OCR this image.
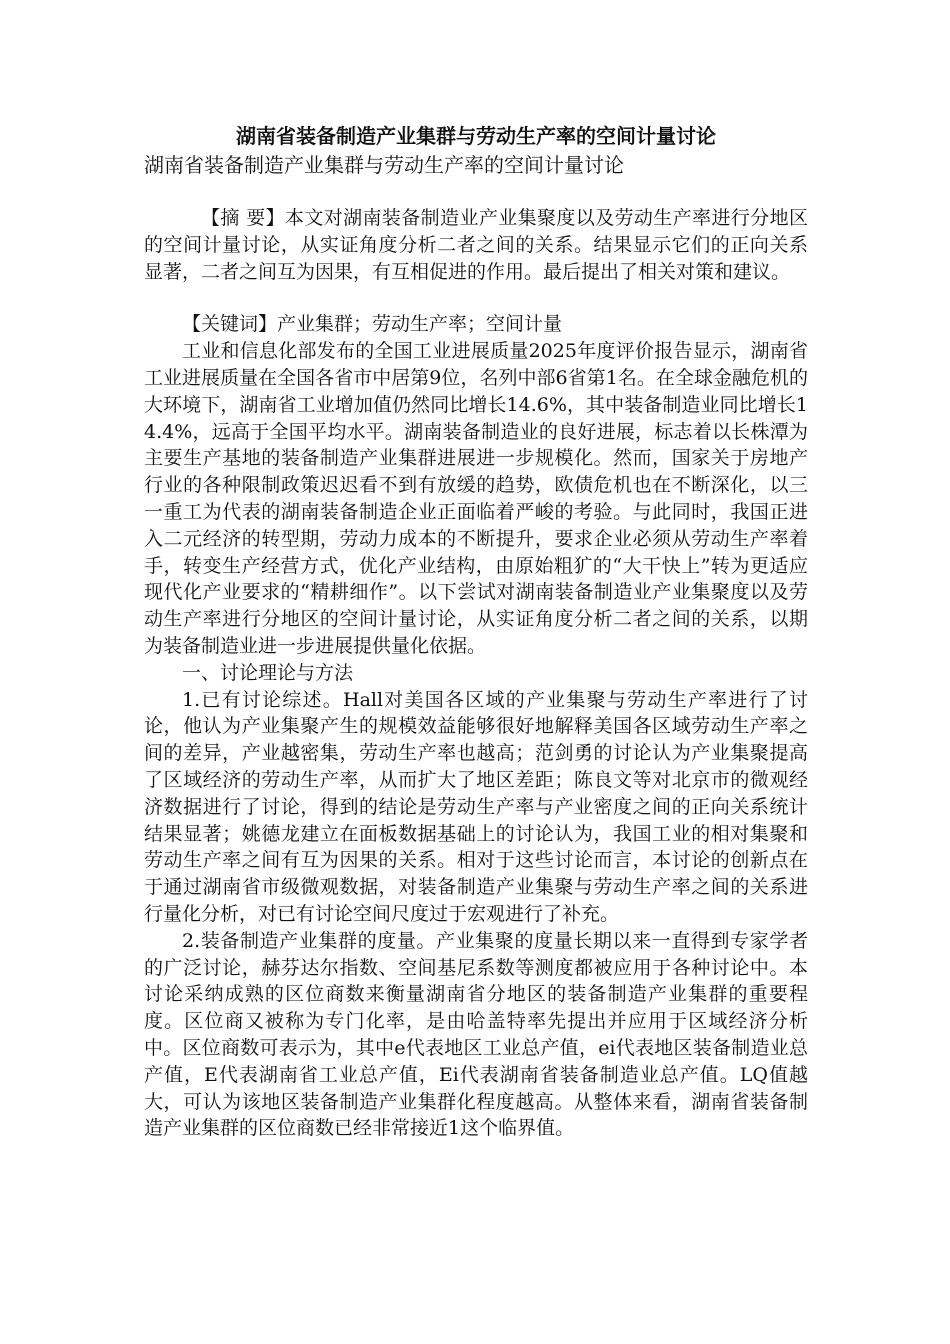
湖南省装备制造产业集群与劳动生产率的空间计量讨论

湖南省装备制造产业集群与劳动生产率的空间计量讨论

【摘 要】本文对湖南装备制造业产业集聚度以及劳动生产率进行分地区的空间计量讨论，从实证角度分析二者之间的关系。结果显示它们的正向关系显著，二者之间互为因果，有互相促进的作用。最后提出了相关对策和建议。

【关键词】产业集群；劳动生产率；空间计量

工业和信息化部发布的全国工业进展质量2025年度评价报告显示，湖南省工业进展质量在全国各省市中居第9位，名列中部6省第1名。在全球金融危机的大环境下，湖南省工业增加值仍然同比增长14.6%，其中装备制造业同比增长14.4%，远高于全国平均水平。湖南装备制造业的良好进展，标志着以长株潭为主要生产基地的装备制造产业集群进展进一步规模化。然而，国家关于房地产行业的各种限制政策迟迟看不到有放缓的趋势，欧债危机也在不断深化，以三一重工为代表的湖南装备制造企业正面临着严峻的考验。与此同时，我国正进入二元经济的转型期，劳动力成本的不断提升，要求企业必须从劳动生产率着手，转变生产经营方式，优化产业结构，由原始粗犷的“大干快上”转为更适应现代化产业要求的“精耕细作”。以下尝试对湖南装备制造业产业集聚度以及劳动生产率进行分地区的空间计量讨论，从实证角度分析二者之间的关系，以期为装备制造业进一步进展提供量化依据。

一、讨论理论与方法

1.已有讨论综述。Hall对美国各区域的产业集聚与劳动生产率进行了讨论，他认为产业集聚产生的规模效益能够很好地解释美国各区域劳动生产率之间的差异，产业越密集，劳动生产率也越高；范剑勇的讨论认为产业集聚提高了区域经济的劳动生产率，从而扩大了地区差距；陈良文等对北京市的微观经济数据进行了讨论，得到的结论是劳动生产率与产业密度之间的正向关系统计结果显著；姚德龙建立在面板数据基础上的讨论认为，我国工业的相对集聚和劳动生产率之间有互为因果的关系。相对于这些讨论而言，本讨论的创新点在于通过湖南省市级微观数据，对装备制造产业集聚与劳动生产率之间的关系进行量化分析，对已有讨论空间尺度过于宏观进行了补充。

2.装备制造产业集群的度量。产业集聚的度量长期以来一直得到专家学者的广泛讨论，赫芬达尔指数、空间基尼系数等测度都被应用于各种讨论中。本讨论采纳成熟的区位商数来衡量湖南省分地区的装备制造产业集群的重要程度。区位商又被称为专门化率，是由哈盖特率先提出并应用于区域经济分析中。区位商数可表示为，其中e代表地区工业总产值，ei代表地区装备制造业总产值，E代表湖南省工业总产值，Ei代表湖南省装备制造业总产值。LQ值越大，可认为该地区装备制造产业集群化程度越高。从整体来看，湖南省装备制造产业集群的区位商数已经非常接近1这个临界值。
